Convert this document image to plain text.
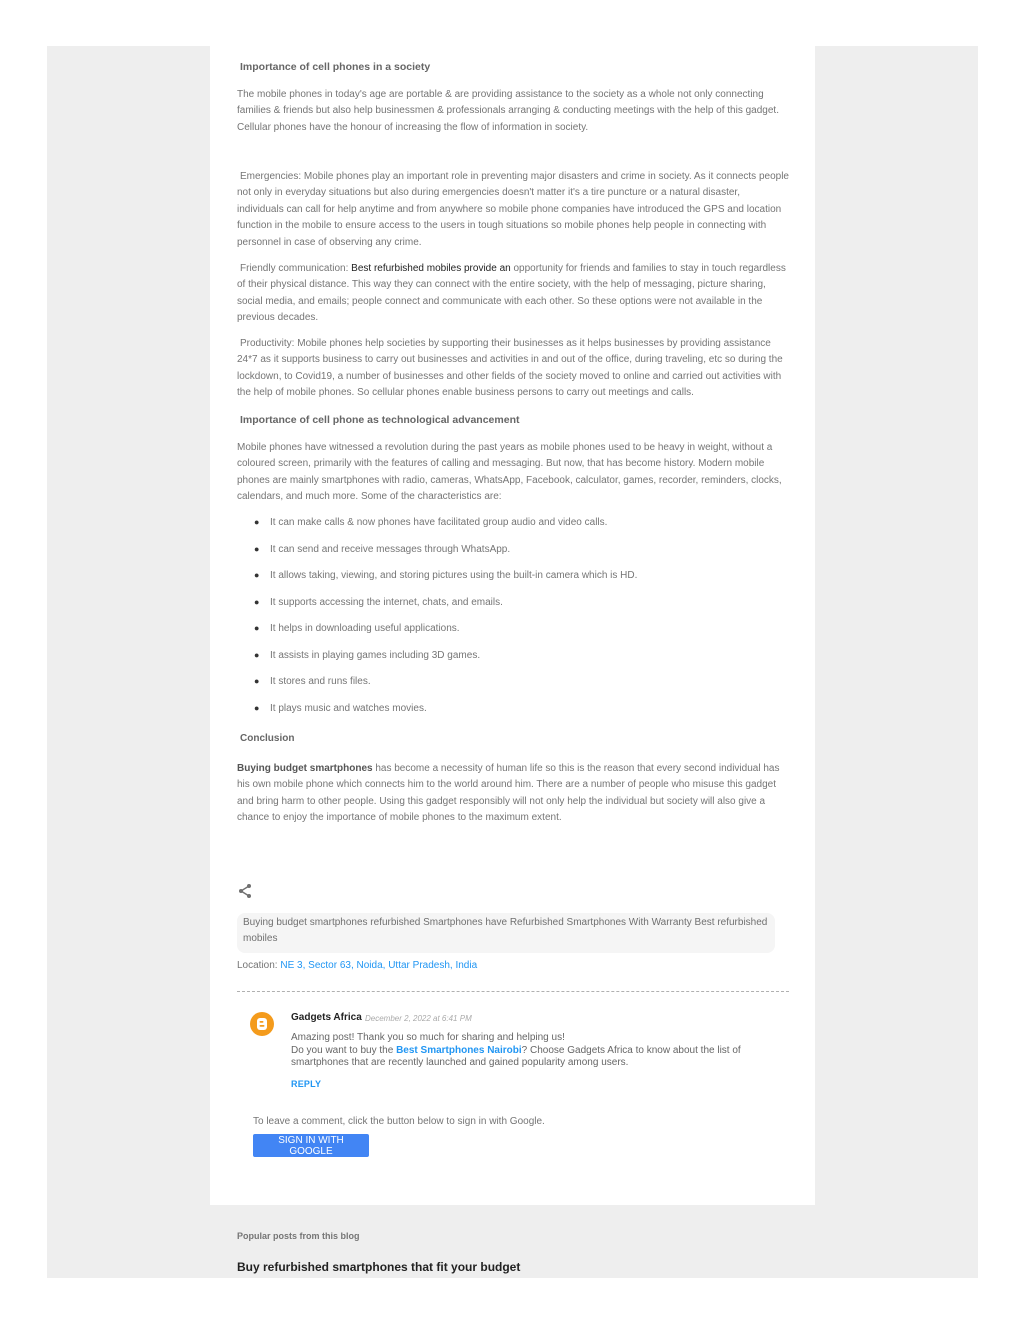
Importance of cell phones in a society
The mobile phones in today's age are portable & are providing assistance to the society as a whole not only connecting families & friends but also help businessmen & professionals arranging & conducting meetings with the help of this gadget. Cellular phones have the honour of increasing the flow of information in society.
Emergencies: Mobile phones play an important role in preventing major disasters and crime in society. As it connects people not only in everyday situations but also during emergencies doesn't matter it's a tire puncture or a natural disaster, individuals can call for help anytime and from anywhere so mobile phone companies have introduced the GPS and location function in the mobile to ensure access to the users in tough situations so mobile phones help people in connecting with personnel in case of observing any crime.
Friendly communication: Best refurbished mobiles provide an opportunity for friends and families to stay in touch regardless of their physical distance. This way they can connect with the entire society, with the help of messaging, picture sharing, social media, and emails; people connect and communicate with each other. So these options were not available in the previous decades.
Productivity: Mobile phones help societies by supporting their businesses as it helps businesses by providing assistance 24*7 as it supports business to carry out businesses and activities in and out of the office, during traveling, etc so during the lockdown, to Covid19, a number of businesses and other fields of the society moved to online and carried out activities with the help of mobile phones. So cellular phones enable business persons to carry out meetings and calls.
Importance of cell phone as technological advancement
Mobile phones have witnessed a revolution during the past years as mobile phones used to be heavy in weight, without a coloured screen, primarily with the features of calling and messaging. But now, that has become history. Modern mobile phones are mainly smartphones with radio, cameras, WhatsApp, Facebook, calculator, games, recorder, reminders, clocks, calendars, and much more. Some of the characteristics are:
● It can make calls & now phones have facilitated group audio and video calls.
● It can send and receive messages through WhatsApp.
● It allows taking, viewing, and storing pictures using the built-in camera which is HD.
● It supports accessing the internet, chats, and emails.
● It helps in downloading useful applications.
● It assists in playing games including 3D games.
● It stores and runs files.
● It plays music and watches movies.
Conclusion
Buying budget smartphones has become a necessity of human life so this is the reason that every second individual has his own mobile phone which connects him to the world around him. There are a number of people who misuse this gadget and bring harm to other people. Using this gadget responsibly will not only help the individual but society will also give a chance to enjoy the importance of mobile phones to the maximum extent.
Buying budget smartphones refurbished Smartphones have Refurbished Smartphones With Warranty Best refurbished mobiles
Location: NE 3, Sector 63, Noida, Uttar Pradesh, India
Gadgets Africa December 2, 2022 at 6:41 PM
Amazing post! Thank you so much for sharing and helping us!
Do you want to buy the Best Smartphones Nairobi? Choose Gadgets Africa to know about the list of smartphones that are recently launched and gained popularity among users.
REPLY
To leave a comment, click the button below to sign in with Google.
SIGN IN WITH GOOGLE
Popular posts from this blog
Buy refurbished smartphones that fit your budget
